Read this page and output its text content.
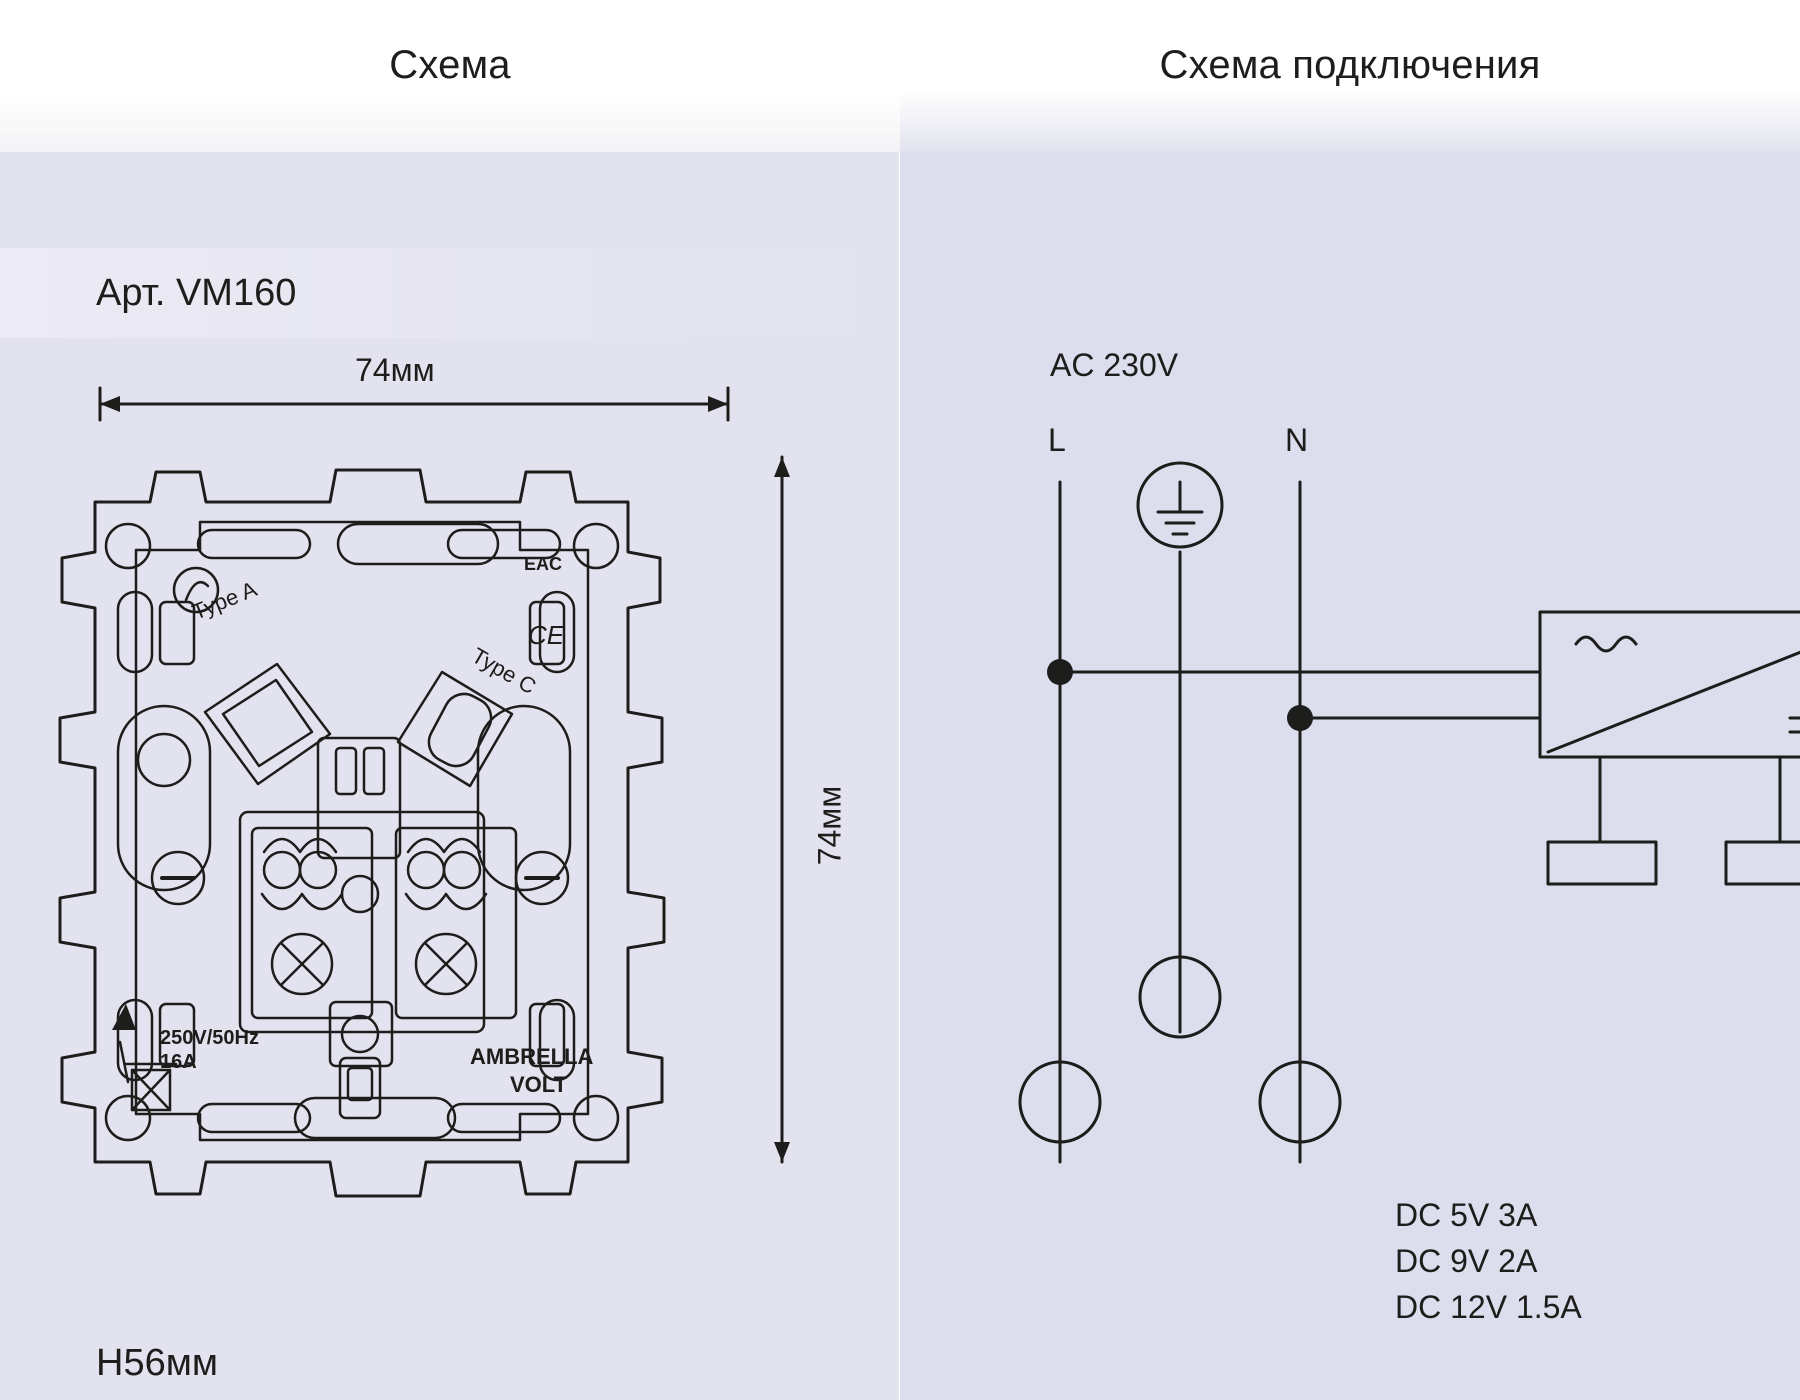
Схема	Схема подключения
Арт. VM160
74мм
74мм
H56мм
Type A
Type C
EAC
CE
250V/50Hz
16A	AMBRELLA
VOLT
AC 230V
L	N
DC 5V 3A
DC 9V 2A
DC 12V 1.5A
